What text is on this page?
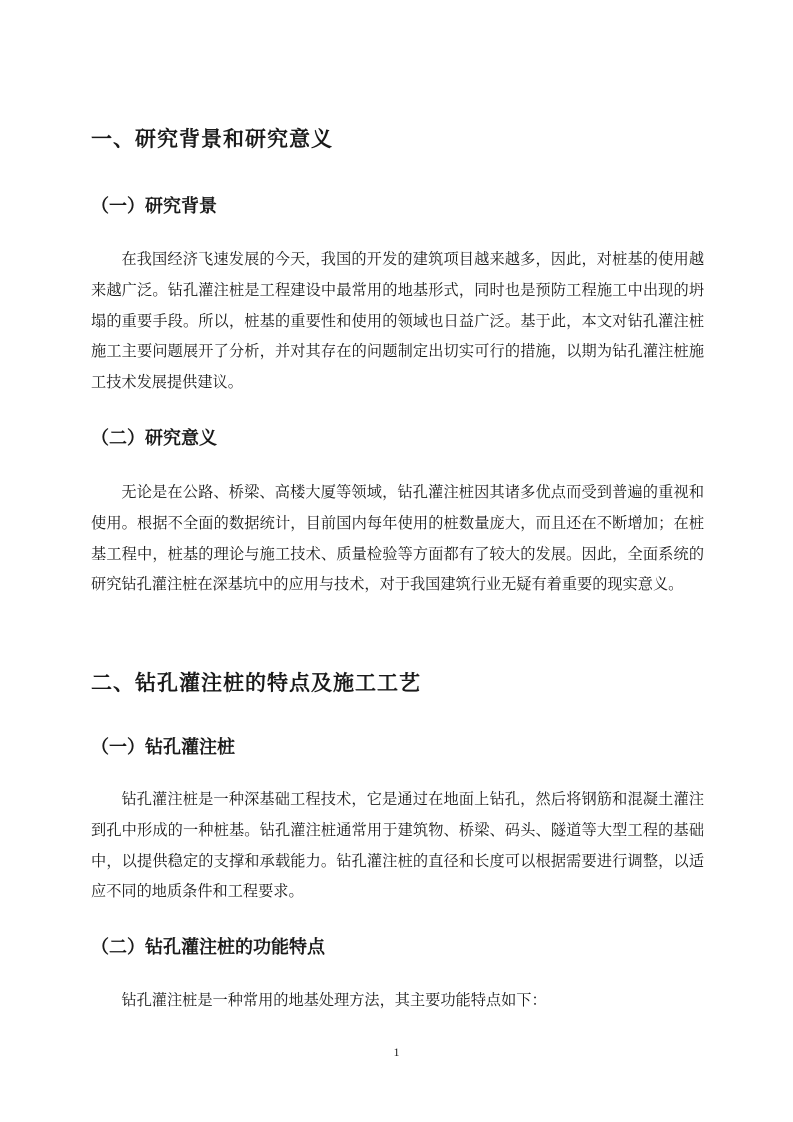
一、研究背景和研究意义
（一）研究背景

在我国经济飞速发展的今天，我国的开发的建筑项目越来越多，因此，对桩基的使用越来越广泛。钻孔灌注桩是工程建设中最常用的地基形式，同时也是预防工程施工中出现的坍塌的重要手段。所以，桩基的重要性和使用的领域也日益广泛。基于此，本文对钻孔灌注桩施工主要问题展开了分析，并对其存在的问题制定出切实可行的措施，以期为钻孔灌注桩施工技术发展提供建议。

（二）研究意义

无论是在公路、桥梁、高楼大厦等领域，钻孔灌注桩因其诸多优点而受到普遍的重视和使用。根据不全面的数据统计，目前国内每年使用的桩数量庞大，而且还在不断增加；在桩基工程中，桩基的理论与施工技术、质量检验等方面都有了较大的发展。因此，全面系统的研究钻孔灌注桩在深基坑中的应用与技术，对于我国建筑行业无疑有着重要的现实意义。

二、钻孔灌注桩的特点及施工工艺
（一）钻孔灌注桩

钻孔灌注桩是一种深基础工程技术，它是通过在地面上钻孔，然后将钢筋和混凝土灌注到孔中形成的一种桩基。钻孔灌注桩通常用于建筑物、桥梁、码头、隧道等大型工程的基础中，以提供稳定的支撑和承载能力。钻孔灌注桩的直径和长度可以根据需要进行调整，以适应不同的地质条件和工程要求。

（二）钻孔灌注桩的功能特点

钻孔灌注桩是一种常用的地基处理方法，其主要功能特点如下：

1
